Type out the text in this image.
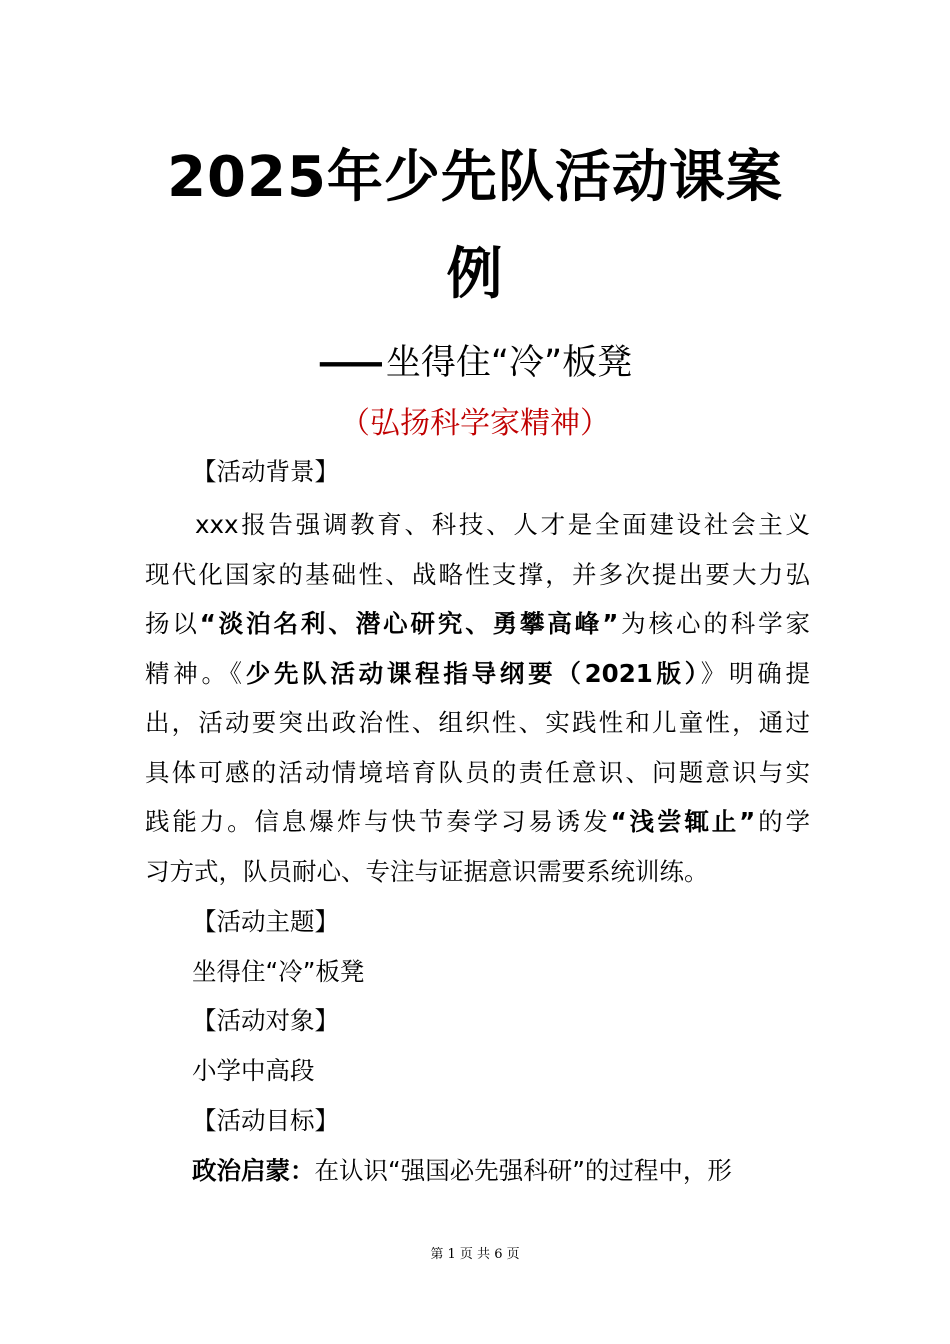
2025年少先队活动课案
例
—— 坐得住“冷”板凳
（弘扬科学家精神）
【活动背景】
xxx报告强调教育、科技、人才是全面建设社会主义
现代化国家的基础性、战略性支撑，并多次提出要大力弘
扬以“淡泊名利、潜心研究、勇攀高峰”为核心的科学家
精神。《少先队活动课程指导纲要（2021版）》明确提
出，活动要突出政治性、组织性、实践性和儿童性，通过
具体可感的活动情境培育队员的责任意识、问题意识与实
践能力。信息爆炸与快节奏学习易诱发“浅尝辄止”的学
习方式，队员耐心、专注与证据意识需要系统训练。
【活动主题】
坐得住“冷”板凳
【活动对象】
小学中高段
【活动目标】
政治启蒙：在认识“强国必先强科研”的过程中，形
第 1 页 共 6 页
